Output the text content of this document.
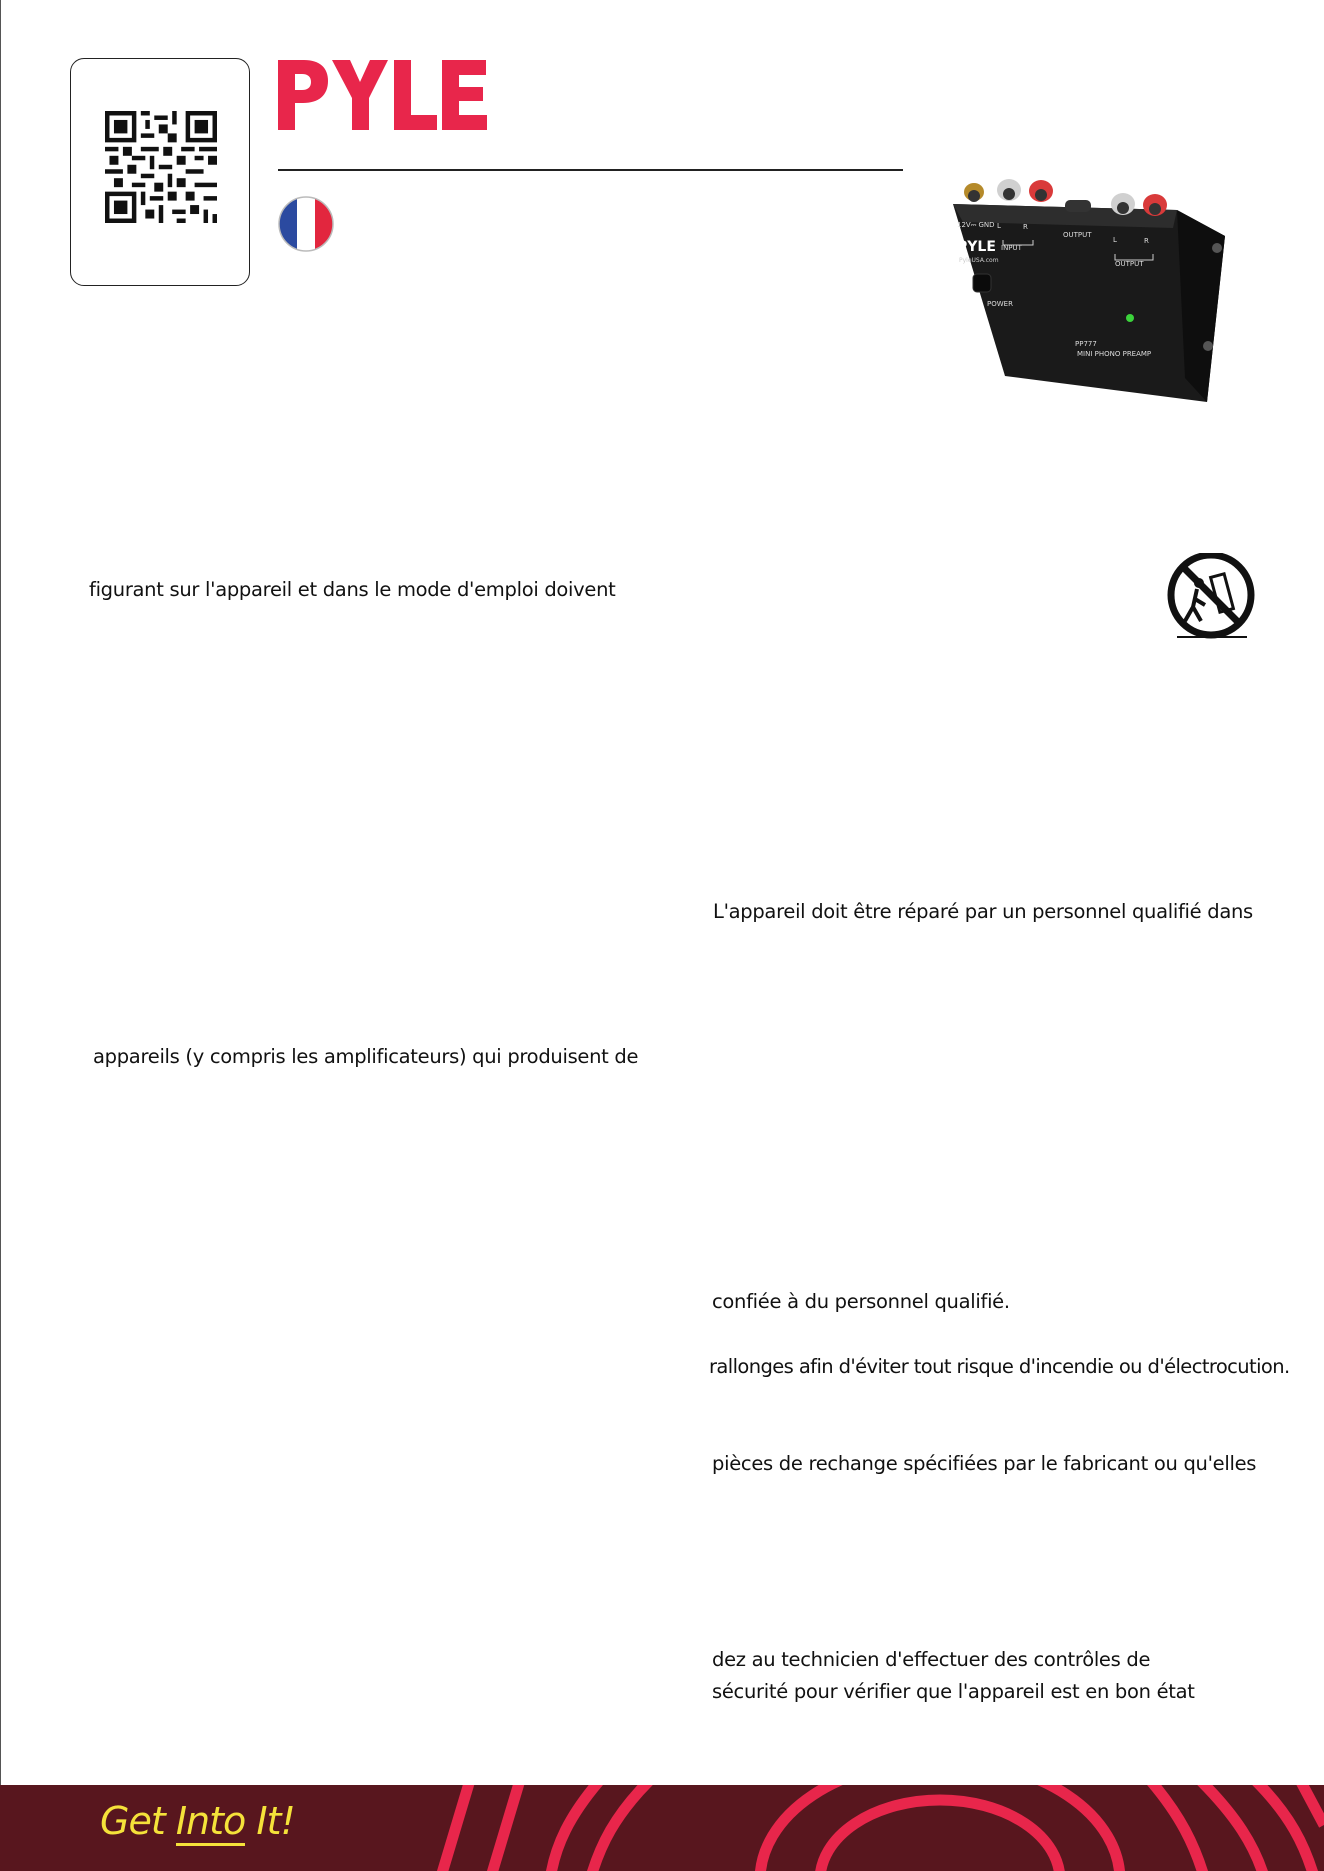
12V⎓ GND L	R
INPUT
OUTPUT
L	R
OUTPUT
POWER
PP777
MINI PHONO PREAMP
PYLE
PyleUSA.com
figurant sur l'appareil et dans le mode d'emploi doivent
appareils (y compris les amplificateurs) qui produisent de
L'appareil doit être réparé par un personnel qualifié dans
confiée à du personnel qualifié.
rallonges afin d'éviter tout risque d'incendie ou d'électrocution.
pièces de rechange spécifiées par le fabricant ou qu'elles
dez au technicien d'effectuer des contrôles de
sécurité pour vérifier que l'appareil est en bon état
Get Into It!
